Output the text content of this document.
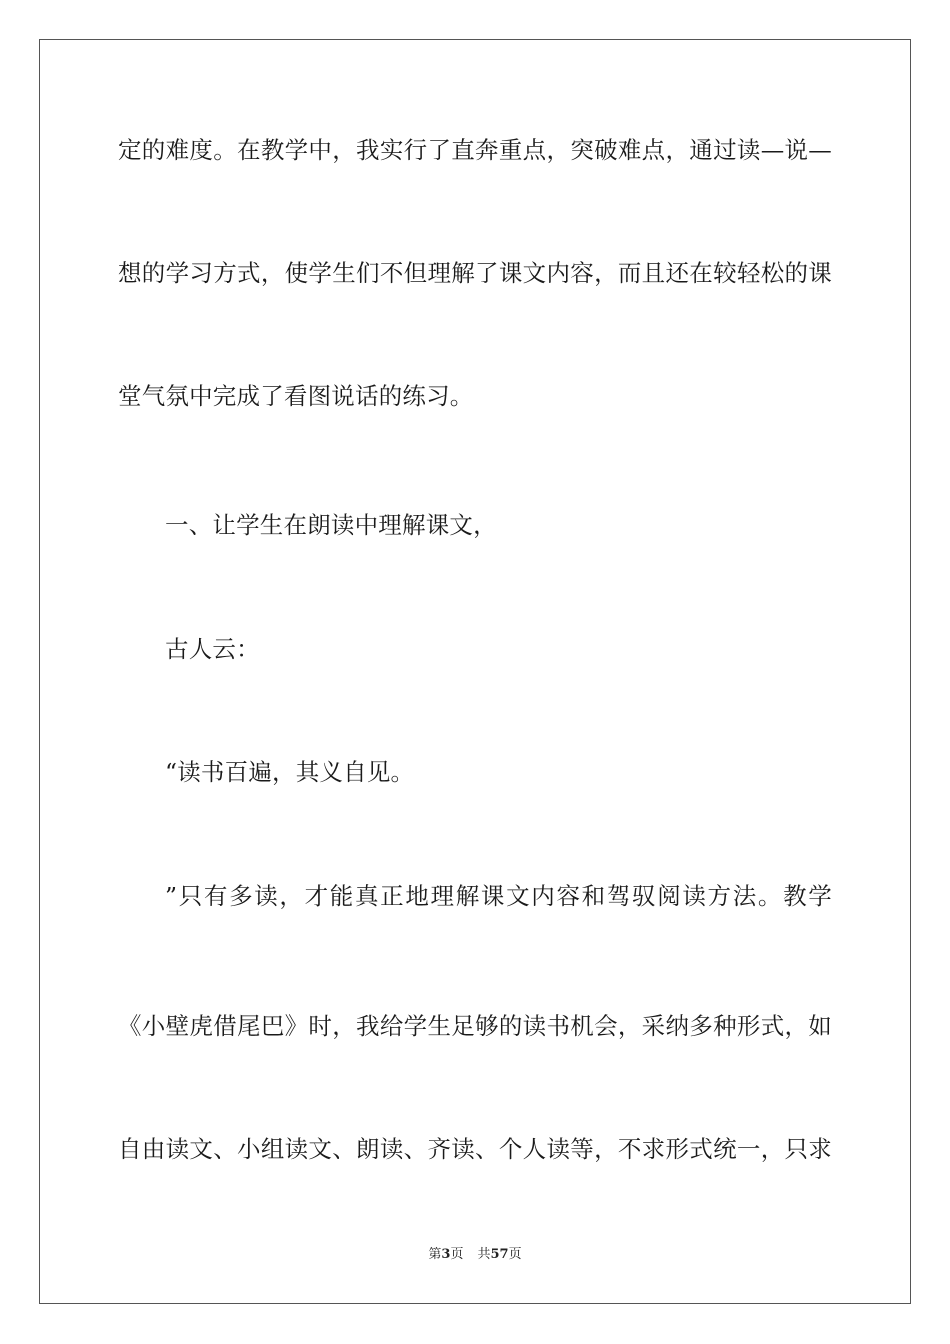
定的难度。在教学中，我实行了直奔重点，突破难点，通过读—说—
想的学习方式，使学生们不但理解了课文内容，而且还在较轻松的课
堂气氛中完成了看图说话的练习。
一、让学生在朗读中理解课文，
古人云：
“读书百遍，其义自见。
”只有多读，才能真正地理解课文内容和驾驭阅读方法。教学
《小壁虎借尾巴》时，我给学生足够的读书机会，采纳多种形式，如
自由读文、小组读文、朗读、齐读、个人读等，不求形式统一，只求
第3页 共57页
